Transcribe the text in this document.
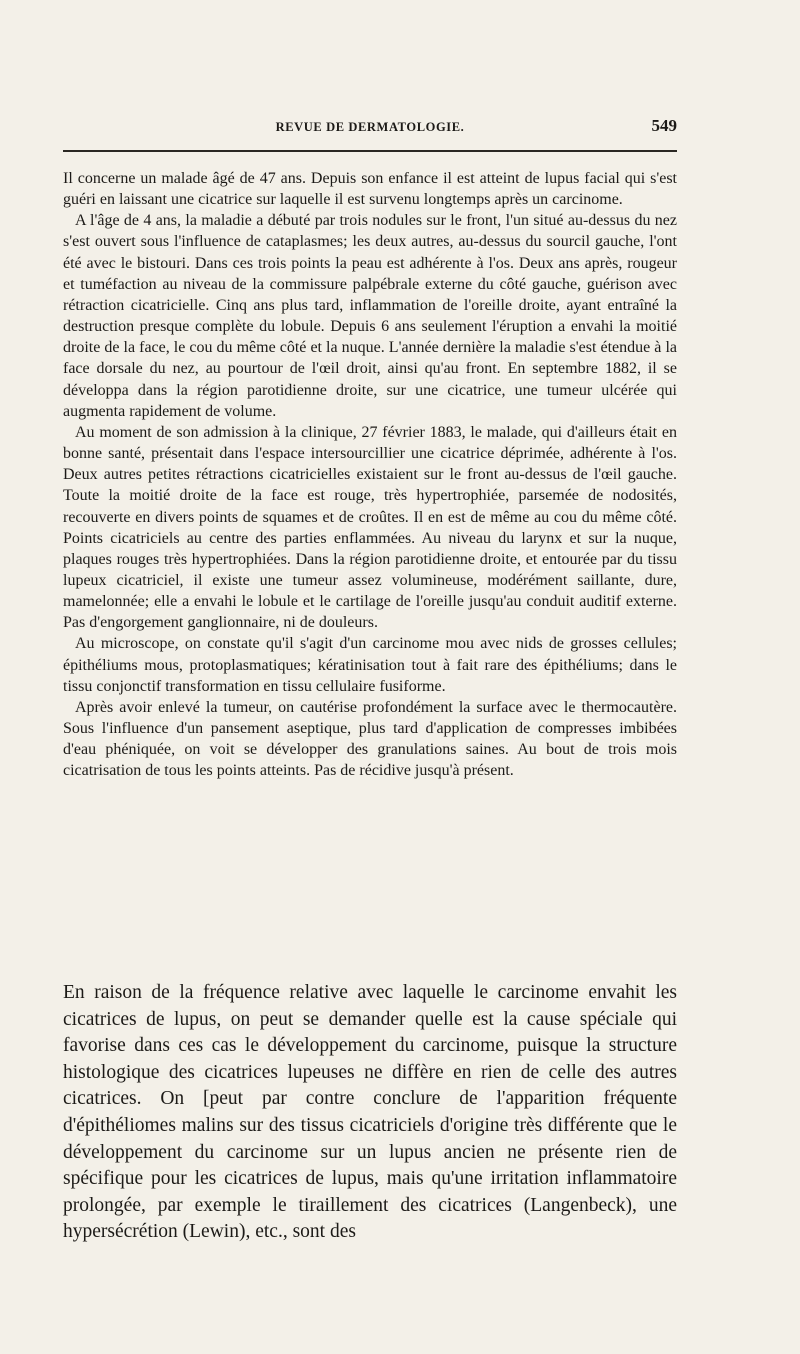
REVUE DE DERMATOLOGIE.	549

Il concerne un malade âgé de 47 ans. Depuis son enfance il est atteint de lupus facial qui s'est guéri en laissant une cicatrice sur laquelle il est survenu longtemps après un carcinome.

A l'âge de 4 ans, la maladie a débuté par trois nodules sur le front, l'un situé au-dessus du nez s'est ouvert sous l'influence de cataplasmes; les deux autres, au-dessus du sourcil gauche, l'ont été avec le bistouri. Dans ces trois points la peau est adhérente à l'os. Deux ans après, rougeur et tuméfaction au niveau de la commissure palpébrale externe du côté gauche, guérison avec rétraction cicatricielle. Cinq ans plus tard, inflammation de l'oreille droite, ayant entraîné la destruction presque complète du lobule. Depuis 6 ans seulement l'éruption a envahi la moitié droite de la face, le cou du même côté et la nuque. L'année dernière la maladie s'est étendue à la face dorsale du nez, au pourtour de l'œil droit, ainsi qu'au front. En septembre 1882, il se développa dans la région parotidienne droite, sur une cicatrice, une tumeur ulcérée qui augmenta rapidement de volume.

Au moment de son admission à la clinique, 27 février 1883, le malade, qui d'ailleurs était en bonne santé, présentait dans l'espace intersourcillier une cicatrice déprimée, adhérente à l'os. Deux autres petites rétractions cicatricielles existaient sur le front au-dessus de l'œil gauche. Toute la moitié droite de la face est rouge, très hypertrophiée, parsemée de nodosités, recouverte en divers points de squames et de croûtes. Il en est de même au cou du même côté. Points cicatriciels au centre des parties enflammées. Au niveau du larynx et sur la nuque, plaques rouges très hypertrophiées. Dans la région parotidienne droite, et entourée par du tissu lupeux cicatriciel, il existe une tumeur assez volumineuse, modérément saillante, dure, mamelonnée; elle a envahi le lobule et le cartilage de l'oreille jusqu'au conduit auditif externe. Pas d'engorgement ganglionnaire, ni de douleurs.

Au microscope, on constate qu'il s'agit d'un carcinome mou avec nids de grosses cellules; épithéliums mous, protoplasmatiques; kératinisation tout à fait rare des épithéliums; dans le tissu conjonctif transformation en tissu cellulaire fusiforme.

Après avoir enlevé la tumeur, on cautérise profondément la surface avec le thermocautère. Sous l'influence d'un pansement aseptique, plus tard d'application de compresses imbibées d'eau phéniquée, on voit se développer des granulations saines. Au bout de trois mois cicatrisation de tous les points atteints. Pas de récidive jusqu'à présent.

En raison de la fréquence relative avec laquelle le carcinome envahit les cicatrices de lupus, on peut se demander quelle est la cause spéciale qui favorise dans ces cas le développement du carcinome, puisque la structure histologique des cicatrices lupeuses ne diffère en rien de celle des autres cicatrices. On [peut par contre conclure de l'apparition fréquente d'épithéliomes malins sur des tissus cicatriciels d'origine très différente que le développement du carcinome sur un lupus ancien ne présente rien de spécifique pour les cicatrices de lupus, mais qu'une irritation inflammatoire prolongée, par exemple le tiraillement des cicatrices (Langenbeck), une hypersécrétion (Lewin), etc., sont des
